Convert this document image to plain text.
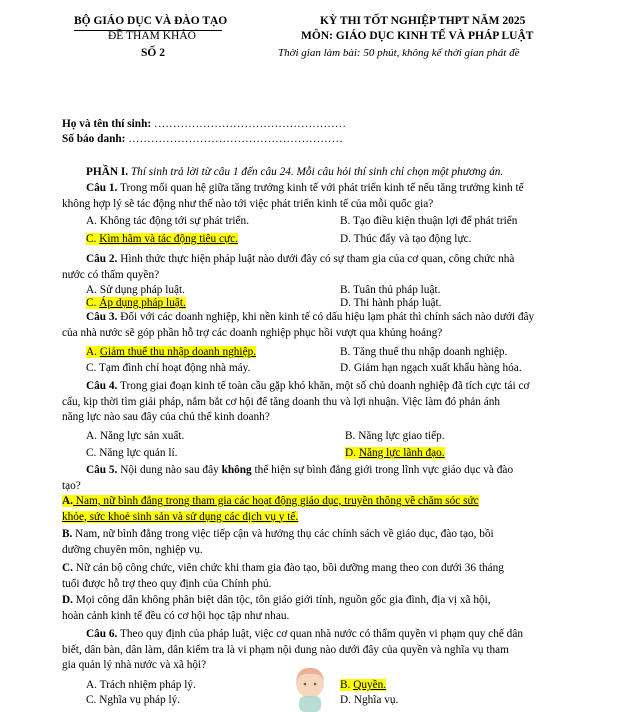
BỘ GIÁO DỤC VÀ ĐÀO TẠO
ĐỀ THAM KHẢO
SỐ 2
KỲ THI TỐT NGHIỆP THPT NĂM 2025
MÔN: GIÁO DỤC KINH TẾ VÀ PHÁP LUẬT
Thời gian làm bài: 50 phút, không kể thời gian phát đề
Họ và tên thí sinh: ……………………………………………
Số báo danh: …………………………………………………
PHẦN I. Thí sinh trả lời từ câu 1 đến câu 24. Mỗi câu hỏi thí sinh chỉ chọn một phương án.
Câu 1. Trong mối quan hệ giữa tăng trưởng kinh tế với phát triển kinh tế nếu tăng trưởng kinh tế
không hợp lý sẽ tác động như thế nào tới việc phát triển kinh tế của mỗi quốc gia?
A. Không tác động tới sự phát triển.	B. Tạo điều kiện thuận lợi để phát triển
C. Kìm hãm và tác động tiêu cực.	D. Thúc đẩy và tạo động lực.
Câu 2. Hình thức thực hiện pháp luật nào dưới đây có sự tham gia của cơ quan, công chức nhà
nước có thẩm quyền?
A. Sử dụng pháp luật.	B. Tuân thủ pháp luật.
C. Áp dụng pháp luật.	D. Thi hành pháp luật.
Câu 3. Đối với các doanh nghiệp, khi nền kinh tế có dấu hiệu lạm phát thì chính sách nào dưới đây
của nhà nước sẽ góp phần hỗ trợ các doanh nghiệp phục hồi vượt qua khủng hoảng?
A. Giảm thuế thu nhập doanh nghiệp.	B. Tăng thuế thu nhập doanh nghiệp.
C. Tạm đình chỉ hoạt động nhà máy.	D. Giảm hạn ngạch xuất khẩu hàng hóa.
Câu 4. Trong giai đoạn kinh tế toàn cầu gặp khó khăn, một số chủ doanh nghiệp đã tích cực tái cơ
cấu, kịp thời tìm giải pháp, nắm bắt cơ hội để tăng doanh thu và lợi nhuận. Việc làm đó phản ánh
năng lực nào sau đây của chủ thể kinh doanh?
A. Năng lực sản xuất.	B. Năng lực giao tiếp.
C. Năng lực quản lí.	D. Năng lực lãnh đạo.
Câu 5. Nội dung nào sau đây không thể hiện sự bình đẳng giới trong lĩnh vực giáo dục và đào
tạo?
A. Nam, nữ bình đẳng trong tham gia các hoạt động giáo dục, truyền thông về chăm sóc sức
khỏe, sức khoẻ sinh sản và sử dụng các dịch vụ y tế.
B. Nam, nữ bình đẳng trong việc tiếp cận và hưởng thụ các chính sách về giáo dục, đào tạo, bồi
dưỡng chuyên môn, nghiệp vụ.
C. Nữ cán bộ công chức, viên chức khi tham gia đào tạo, bồi dưỡng mang theo con dưới 36 tháng
tuổi được hỗ trợ theo quy định của Chính phủ.
D. Mọi công dân không phân biệt dân tộc, tôn giáo giới tính, nguồn gốc gia đình, địa vị xã hội,
hoàn cảnh kinh tế đều có cơ hội học tập như nhau.
Câu 6. Theo quy định của pháp luật, việc cơ quan nhà nước có thẩm quyền vi phạm quy chế dân
biết, dân bàn, dân làm, dân kiểm tra là vi phạm nội dung nào dưới đây của quyền và nghĩa vụ tham
gia quản lý nhà nước và xã hội?
A. Trách nhiệm pháp lý.	B. Quyền.
C. Nghĩa vụ pháp lý.	D. Nghĩa vụ.
